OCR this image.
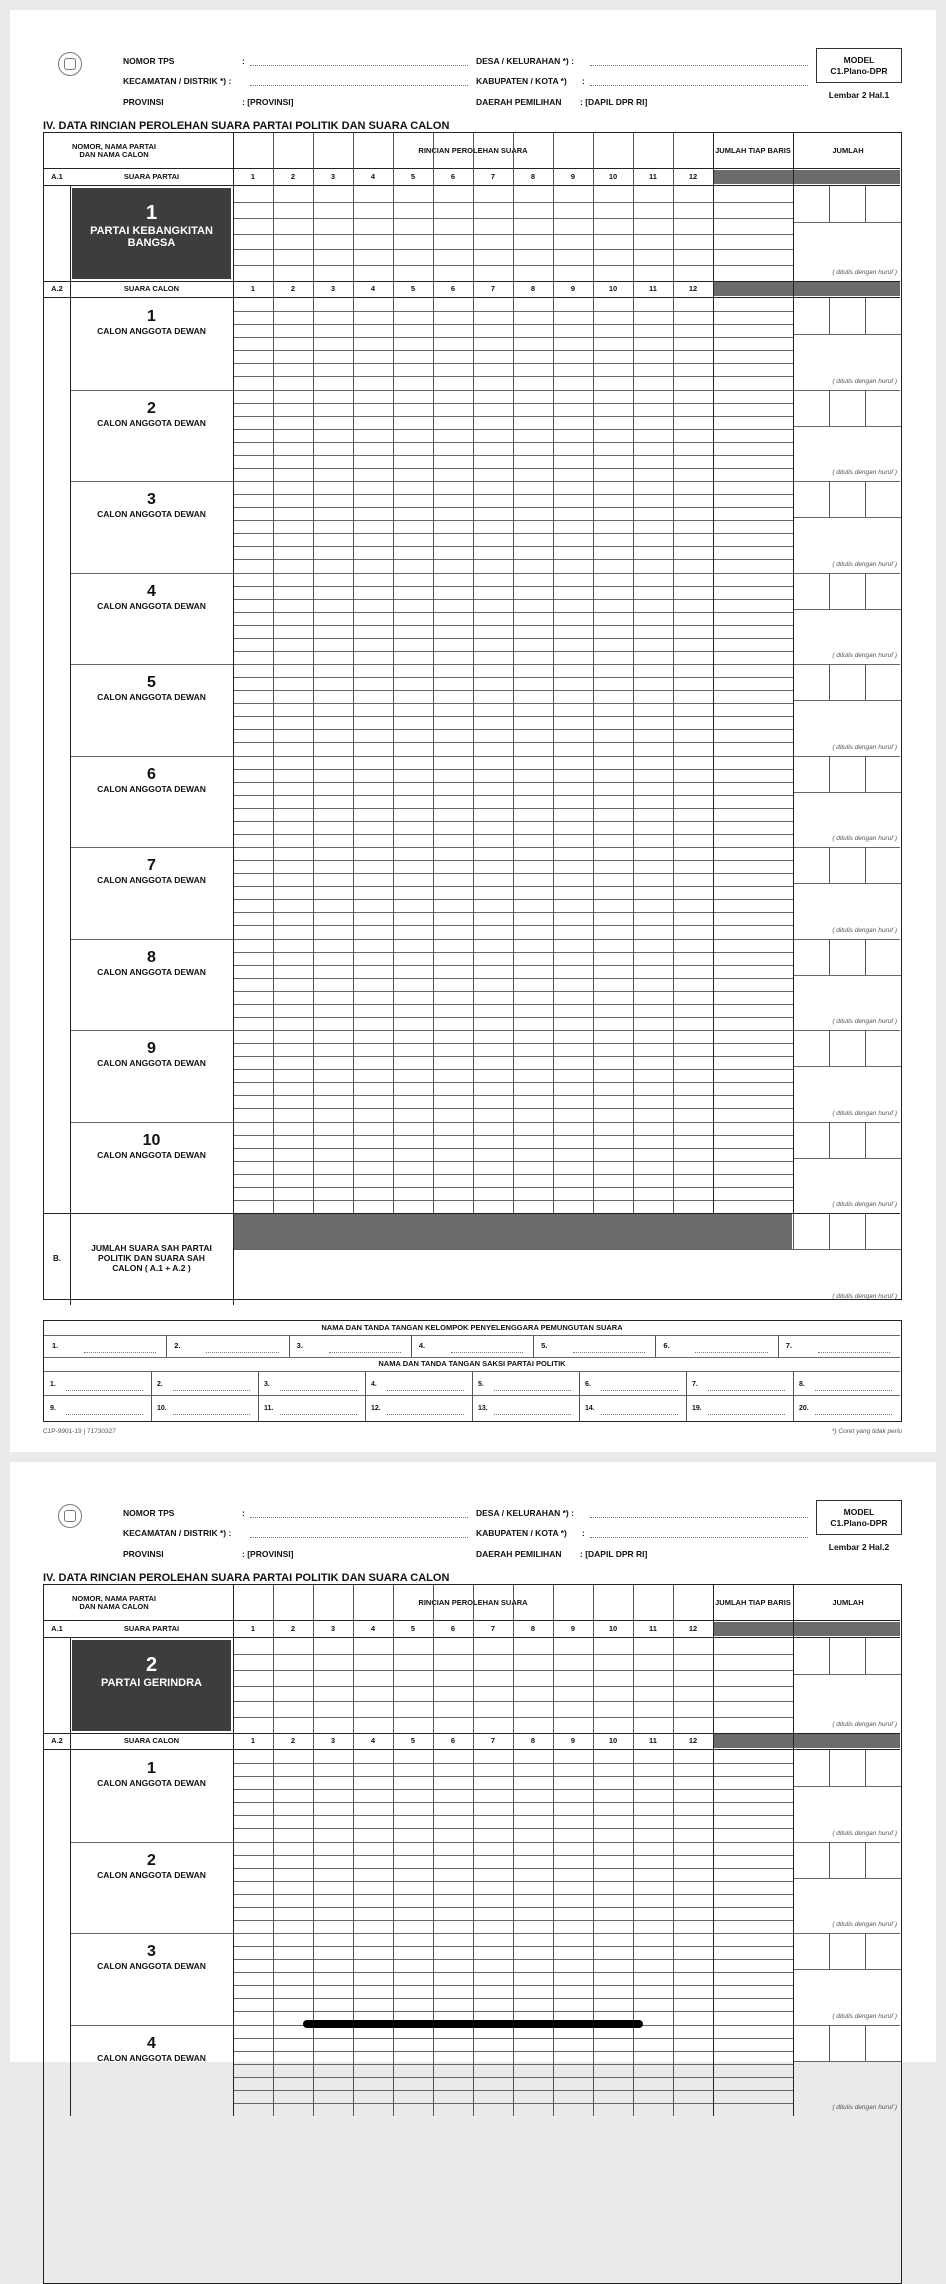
NOMOR TPS	:
KECAMATAN / DISTRIK *) :
PROVINSI	: [PROVINSI]
DESA / KELURAHAN *) :
KABUPATEN / KOTA *) :
DAERAH PEMILIHAN : [DAPIL DPR RI]
MODEL
C1.Plano-DPR
Lembar 2 Hal.1
IV. DATA RINCIAN PEROLEHAN SUARA PARTAI POLITIK DAN SUARA CALON
NOMOR, NAMA PARTAI DAN NAMA CALON	RINCIAN PEROLEHAN SUARA	JUMLAH TIAP BARIS	JUMLAH
A.1	SUARA PARTAI	1	2	3	4	5	6	7	8	9	10	11	12
1
PARTAI KEBANGKITAN BANGSA
( ditulis dengan huruf )
A.2	SUARA CALON	1	2	3	4	5	6	7	8	9	10	11	12
1
CALON ANGGOTA DEWAN
( ditulis dengan huruf )
2
CALON ANGGOTA DEWAN
( ditulis dengan huruf )
3
CALON ANGGOTA DEWAN
( ditulis dengan huruf )
4
CALON ANGGOTA DEWAN
( ditulis dengan huruf )
5
CALON ANGGOTA DEWAN
( ditulis dengan huruf )
6
CALON ANGGOTA DEWAN
( ditulis dengan huruf )
7
CALON ANGGOTA DEWAN
( ditulis dengan huruf )
8
CALON ANGGOTA DEWAN
( ditulis dengan huruf )
9
CALON ANGGOTA DEWAN
( ditulis dengan huruf )
10
CALON ANGGOTA DEWAN
( ditulis dengan huruf )
B.
JUMLAH SUARA SAH PARTAI POLITIK DAN SUARA SAH CALON ( A.1 + A.2 )
( ditulis dengan huruf )
NAMA DAN TANDA TANGAN KELOMPOK PENYELENGGARA PEMUNGUTAN SUARA
1.	2.	3.	4.	5.	6.	7.
NAMA DAN TANDA TANGAN SAKSI PARTAI POLITIK
1.	2.	3.	4.	5.	6.	7.	8.
9.	10.	11.	12.	13.	14.	19.	20.
C1P-9901-19 | 71730327	*) Coret yang tidak perlu
NOMOR TPS	:
KECAMATAN / DISTRIK *) :
PROVINSI	: [PROVINSI]
DESA / KELURAHAN *) :
KABUPATEN / KOTA *) :
DAERAH PEMILIHAN : [DAPIL DPR RI]
MODEL
C1.Plano-DPR
Lembar 2 Hal.2
IV. DATA RINCIAN PEROLEHAN SUARA PARTAI POLITIK DAN SUARA CALON
NOMOR, NAMA PARTAI DAN NAMA CALON	RINCIAN PEROLEHAN SUARA	JUMLAH TIAP BARIS	JUMLAH
A.1	SUARA PARTAI	1	2	3	4	5	6	7	8	9	10	11	12
2
PARTAI GERINDRA
( ditulis dengan huruf )
A.2	SUARA CALON	1	2	3	4	5	6	7	8	9	10	11	12
1
CALON ANGGOTA DEWAN
( ditulis dengan huruf )
2
CALON ANGGOTA DEWAN
( ditulis dengan huruf )
3
CALON ANGGOTA DEWAN
( ditulis dengan huruf )
4
CALON ANGGOTA DEWAN
( ditulis dengan huruf )
